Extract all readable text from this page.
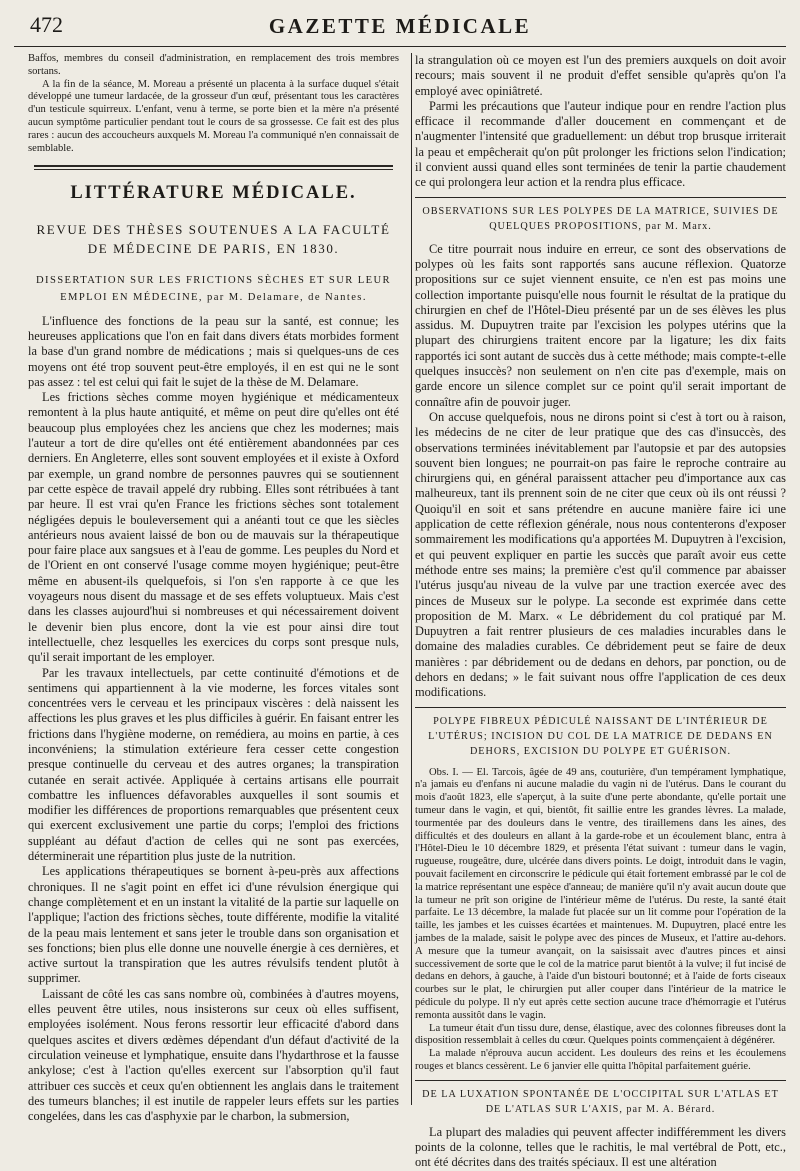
472	GAZETTE MÉDICALE

Baffos, membres du conseil d'administration, en remplacement des trois membres sortans.

A la fin de la séance, M. Moreau a présenté un placenta à la surface duquel s'était développé une tumeur lardacée, de la grosseur d'un œuf, présentant tous les caractères d'un testicule squirreux. L'enfant, venu à terme, se porte bien et la mère n'a présenté aucun symptôme particulier pendant tout le cours de sa grossesse. Ce fait est des plus rares : aucun des accoucheurs auxquels M. Moreau l'a communiqué n'en connaissait de semblable.

LITTÉRATURE MÉDICALE.
REVUE DES THÈSES SOUTENUES A LA FACULTÉ DE MÉDECINE DE PARIS, EN 1830.
DISSERTATION SUR LES FRICTIONS SÈCHES ET SUR LEUR EMPLOI EN MÉDECINE, par M. Delamare, de Nantes.

L'influence des fonctions de la peau sur la santé, est connue; les heureuses applications que l'on en fait dans divers états morbides forment la base d'un grand nombre de médications ; mais si quelques-uns de ces moyens ont été trop souvent peut-être employés, il en est qui ne le sont pas assez : tel est celui qui fait le sujet de la thèse de M. Delamare.

Les frictions sèches comme moyen hygiénique et médicamenteux remontent à la plus haute antiquité, et même on peut dire qu'elles ont été beaucoup plus employées chez les anciens que chez les modernes; mais l'auteur a tort de dire qu'elles ont été entièrement abandonnées par ces derniers. En Angleterre, elles sont souvent employées et il existe à Oxford par exemple, un grand nombre de personnes pauvres qui se soutiennent par cette espèce de travail appelé dry rubbing. Elles sont rétribuées à tant par heure. Il est vrai qu'en France les frictions sèches sont totalement négligées depuis le bouleversement qui a anéanti tout ce que les siècles antérieurs nous avaient laissé de bon ou de mauvais sur la thérapeutique pour faire place aux sangsues et à l'eau de gomme. Les peuples du Nord et de l'Orient en ont conservé l'usage comme moyen hygiénique; peut-être même en abusent-ils quelquefois, si l'on s'en rapporte à ce que les voyageurs nous disent du massage et de ses effets voluptueux. Mais c'est dans les classes aujourd'hui si nombreuses et qui nécessairement doivent le devenir bien plus encore, dont la vie est pour ainsi dire tout intellectuelle, chez lesquelles les exercices du corps sont presque nuls, qu'il serait important de les employer.

Par les travaux intellectuels, par cette continuité d'émotions et de sentimens qui appartiennent à la vie moderne, les forces vitales sont concentrées vers le cerveau et les principaux viscères : delà naissent les affections les plus graves et les plus difficiles à guérir. En faisant entrer les frictions dans l'hygiène moderne, on remédiera, au moins en partie, à ces inconvéniens; la stimulation extérieure fera cesser cette congestion presque continuelle du cerveau et des autres organes; la transpiration cutanée en serait activée. Appliquée à certains artisans elle pourrait combattre les influences défavorables auxquelles il sont soumis et modifier les différences de proportions remarquables que présentent ceux qui exercent exclusivement une partie du corps; l'emploi des frictions suppléant au défaut d'action de celles qui ne sont pas exercées, déterminerait une répartition plus juste de la nutrition.

Les applications thérapeutiques se bornent à-peu-près aux affections chroniques. Il ne s'agit point en effet ici d'une révulsion énergique qui change complètement et en un instant la vitalité de la partie sur laquelle on l'applique; l'action des frictions sèches, toute différente, modifie la vitalité de la peau mais lentement et sans jeter le trouble dans son organisation et ses fonctions; bien plus elle donne une nouvelle énergie à ces dernières, et active surtout la transpiration que les autres révulsifs tendent plutôt à supprimer.

Laissant de côté les cas sans nombre où, combinées à d'autres moyens, elles peuvent être utiles, nous insisterons sur ceux où elles suffisent, employées isolément. Nous ferons ressortir leur efficacité d'abord dans quelques ascites et divers œdèmes dépendant d'un défaut d'activité de la circulation veineuse et lymphatique, ensuite dans l'hydarthrose et la fausse ankylose; c'est à l'action qu'elles exercent sur l'absorption qu'il faut attribuer ces succès et ceux qu'en obtiennent les anglais dans le traitement des tumeurs blanches; il est inutile de rappeler leurs effets sur les parties congelées, dans les cas d'asphyxie par le charbon, la submersion,

la strangulation où ce moyen est l'un des premiers auxquels on doit avoir recours; mais souvent il ne produit d'effet sensible qu'après qu'on l'a employé avec opiniâtreté.

Parmi les précautions que l'auteur indique pour en rendre l'action plus efficace il recommande d'aller doucement en commençant et de n'augmenter l'intensité que graduellement: un début trop brusque irriterait la peau et empêcherait qu'on pût prolonger les frictions selon l'indication; il convient aussi quand elles sont terminées de tenir la partie chaudement ce qui prolongera leur action et la rendra plus efficace.

OBSERVATIONS SUR LES POLYPES DE LA MATRICE, SUIVIES DE QUELQUES PROPOSITIONS, par M. Marx.

Ce titre pourrait nous induire en erreur, ce sont des observations de polypes où les faits sont rapportés sans aucune réflexion. Quatorze propositions sur ce sujet viennent ensuite, ce n'en est pas moins une collection importante puisqu'elle nous fournit le résultat de la pratique du chirurgien en chef de l'Hôtel-Dieu présenté par un de ses élèves les plus assidus. M. Dupuytren traite par l'excision les polypes utérins que la plupart des chirurgiens traitent encore par la ligature; les dix faits rapportés ici sont autant de succès dus à cette méthode; mais compte-t-elle quelques insuccès? non seulement on n'en cite pas d'exemple, mais on garde encore un silence complet sur ce point qu'il serait important de connaître afin de pouvoir juger.

On accuse quelquefois, nous ne dirons point si c'est à tort ou à raison, les médecins de ne citer de leur pratique que des cas d'insuccès, des observations terminées inévitablement par l'autopsie et par des autopsies souvent bien longues; ne pourrait-on pas faire le reproche contraire au chirurgiens qui, en général paraissent attacher peu d'importance aux cas malheureux, tant ils prennent soin de ne citer que ceux où ils ont réussi ? Quoiqu'il en soit et sans prétendre en aucune manière faire ici une application de cette réflexion générale, nous nous contenterons d'exposer sommairement les modifications qu'a apportées M. Dupuytren à l'excision, et qui peuvent expliquer en partie les succès que paraît avoir eus cette méthode entre ses mains; la première c'est qu'il commence par abaisser l'utérus jusqu'au niveau de la vulve par une traction exercée avec des pinces de Museux sur le polype. La seconde est exprimée dans cette proposition de M. Marx. « Le débridement du col pratiqué par M. Dupuytren a fait rentrer plusieurs de ces maladies incurables dans le domaine des maladies curables. Ce débridement peut se faire de deux manières : par débridement ou de dedans en dehors, par ponction, ou de dehors en dedans; » le fait suivant nous offre l'application de ces deux modifications.

POLYPE FIBREUX PÉDICULÉ NAISSANT DE L'INTÉRIEUR DE L'UTÉRUS; INCISION DU COL DE LA MATRICE DE DEDANS EN DEHORS, EXCISION DU POLYPE ET GUÉRISON.

Obs. I. — El. Tarcois, âgée de 49 ans, couturière, d'un tempérament lymphatique, n'a jamais eu d'enfans ni aucune maladie du vagin ni de l'utérus. Dans le courant du mois d'août 1823, elle s'aperçut, à la suite d'une perte abondante, qu'elle portait une tumeur dans le vagin, et qui, bientôt, fit saillie entre les grandes lèvres. La malade, tourmentée par des douleurs dans le ventre, des tiraillemens dans les aines, des difficultés et des douleurs en allant à la garde-robe et un écoulement blanc, entra à l'Hôtel-Dieu le 10 décembre 1829, et présenta l'état suivant : tumeur dans le vagin, rugueuse, rougeâtre, dure, ulcérée dans divers points. Le doigt, introduit dans le vagin, pouvait facilement en circonscrire le pédicule qui était fortement embrassé par le col de la matrice représentant une espèce d'anneau; de manière qu'il n'y avait aucun doute que la tumeur ne prît son origine de l'intérieur même de l'utérus. Du reste, la santé était parfaite. Le 13 décembre, la malade fut placée sur un lit comme pour l'opération de la taille, les jambes et les cuisses écartées et maintenues. M. Dupuytren, placé entre les jambes de la malade, saisit le polype avec des pinces de Museux, et l'attire au-dehors. A mesure que la tumeur avançait, on la saisissait avec d'autres pinces et ainsi successivement de sorte que le col de la matrice parut bientôt à la vulve; il fut incisé de dedans en dehors, à gauche, à l'aide d'un bistouri boutonné; et à l'aide de forts ciseaux courbes sur le plat, le chirurgien put aller couper dans l'intérieur de la matrice le pédicule du polype. Il n'y eut après cette section aucune trace d'hémorragie et l'utérus remonta aussitôt dans le vagin.

La tumeur était d'un tissu dure, dense, élastique, avec des colonnes fibreuses dont la disposition ressemblait à celles du cœur. Quelques points commençaient à dégénérer.

La malade n'éprouva aucun accident. Les douleurs des reins et les écoulemens rouges et blancs cessèrent. Le 6 janvier elle quitta l'hôpital parfaitement guérie.

DE LA LUXATION SPONTANÉE DE L'OCCIPITAL SUR L'ATLAS ET DE L'ATLAS SUR L'AXIS, par M. A. Bérard.

La plupart des maladies qui peuvent affecter indifféremment les divers points de la colonne, telles que le rachitis, le mal vertébral de Pott, etc., ont été décrites dans des traités spéciaux. Il est une altération
